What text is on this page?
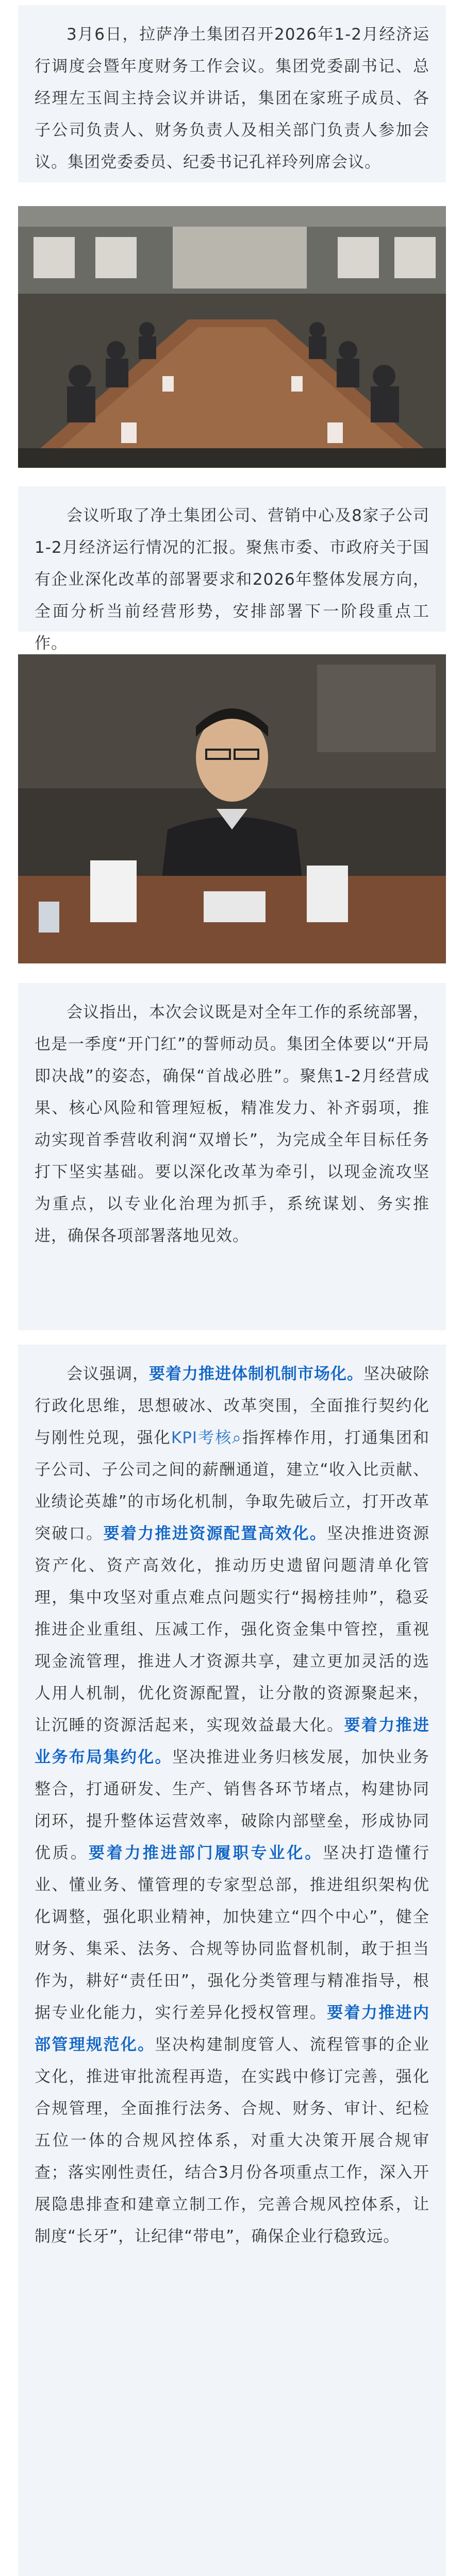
3月6日，拉萨净土集团召开2026年1-2月经济运行调度会暨年度财务工作会议。集团党委副书记、总经理左玉闾主持会议并讲话，集团在家班子成员、各子公司负责人、财务负责人及相关部门负责人参加会议。集团党委委员、纪委书记孔祥玲列席会议。

会议听取了净土集团公司、营销中心及8家子公司1-2月经济运行情况的汇报。聚焦市委、市政府关于国有企业深化改革的部署要求和2026年整体发展方向，全面分析当前经营形势，安排部署下一阶段重点工作。

会议指出，本次会议既是对全年工作的系统部署，也是一季度“开门红”的誓师动员。集团全体要以“开局即决战”的姿态，确保“首战必胜”。聚焦1-2月经营成果、核心风险和管理短板，精准发力、补齐弱项，推动实现首季营收利润“双增长”，为完成全年目标任务打下坚实基础。要以深化改革为牵引，以现金流攻坚为重点，以专业化治理为抓手，系统谋划、务实推进，确保各项部署落地见效。

会议强调，要着力推进体制机制市场化。坚决破除行政化思维，思想破冰、改革突围，全面推行契约化与刚性兑现，强化KPI考核⌕指挥棒作用，打通集团和子公司、子公司之间的薪酬通道，建立“收入比贡献、业绩论英雄”的市场化机制，争取先破后立，打开改革突破口。要着力推进资源配置高效化。坚决推进资源资产化、资产高效化，推动历史遗留问题清单化管理，集中攻坚对重点难点问题实行“揭榜挂帅”，稳妥推进企业重组、压减工作，强化资金集中管控，重视现金流管理，推进人才资源共享，建立更加灵活的选人用人机制，优化资源配置，让分散的资源聚起来，让沉睡的资源活起来，实现效益最大化。要着力推进业务布局集约化。坚决推进业务归核发展，加快业务整合，打通研发、生产、销售各环节堵点，构建协同闭环，提升整体运营效率，破除内部壁垒，形成协同优质。要着力推进部门履职专业化。坚决打造懂行业、懂业务、懂管理的专家型总部，推进组织架构优化调整，强化职业精神，加快建立“四个中心”，健全财务、集采、法务、合规等协同监督机制，敢于担当作为，耕好“责任田”，强化分类管理与精准指导，根据专业化能力，实行差异化授权管理。要着力推进内部管理规范化。坚决构建制度管人、流程管事的企业文化，推进审批流程再造，在实践中修订完善，强化合规管理，全面推行法务、合规、财务、审计、纪检五位一体的合规风控体系，对重大决策开展合规审查；落实刚性责任，结合3月份各项重点工作，深入开展隐患排查和建章立制工作，完善合规风控体系，让制度“长牙”，让纪律“带电”，确保企业行稳致远。
